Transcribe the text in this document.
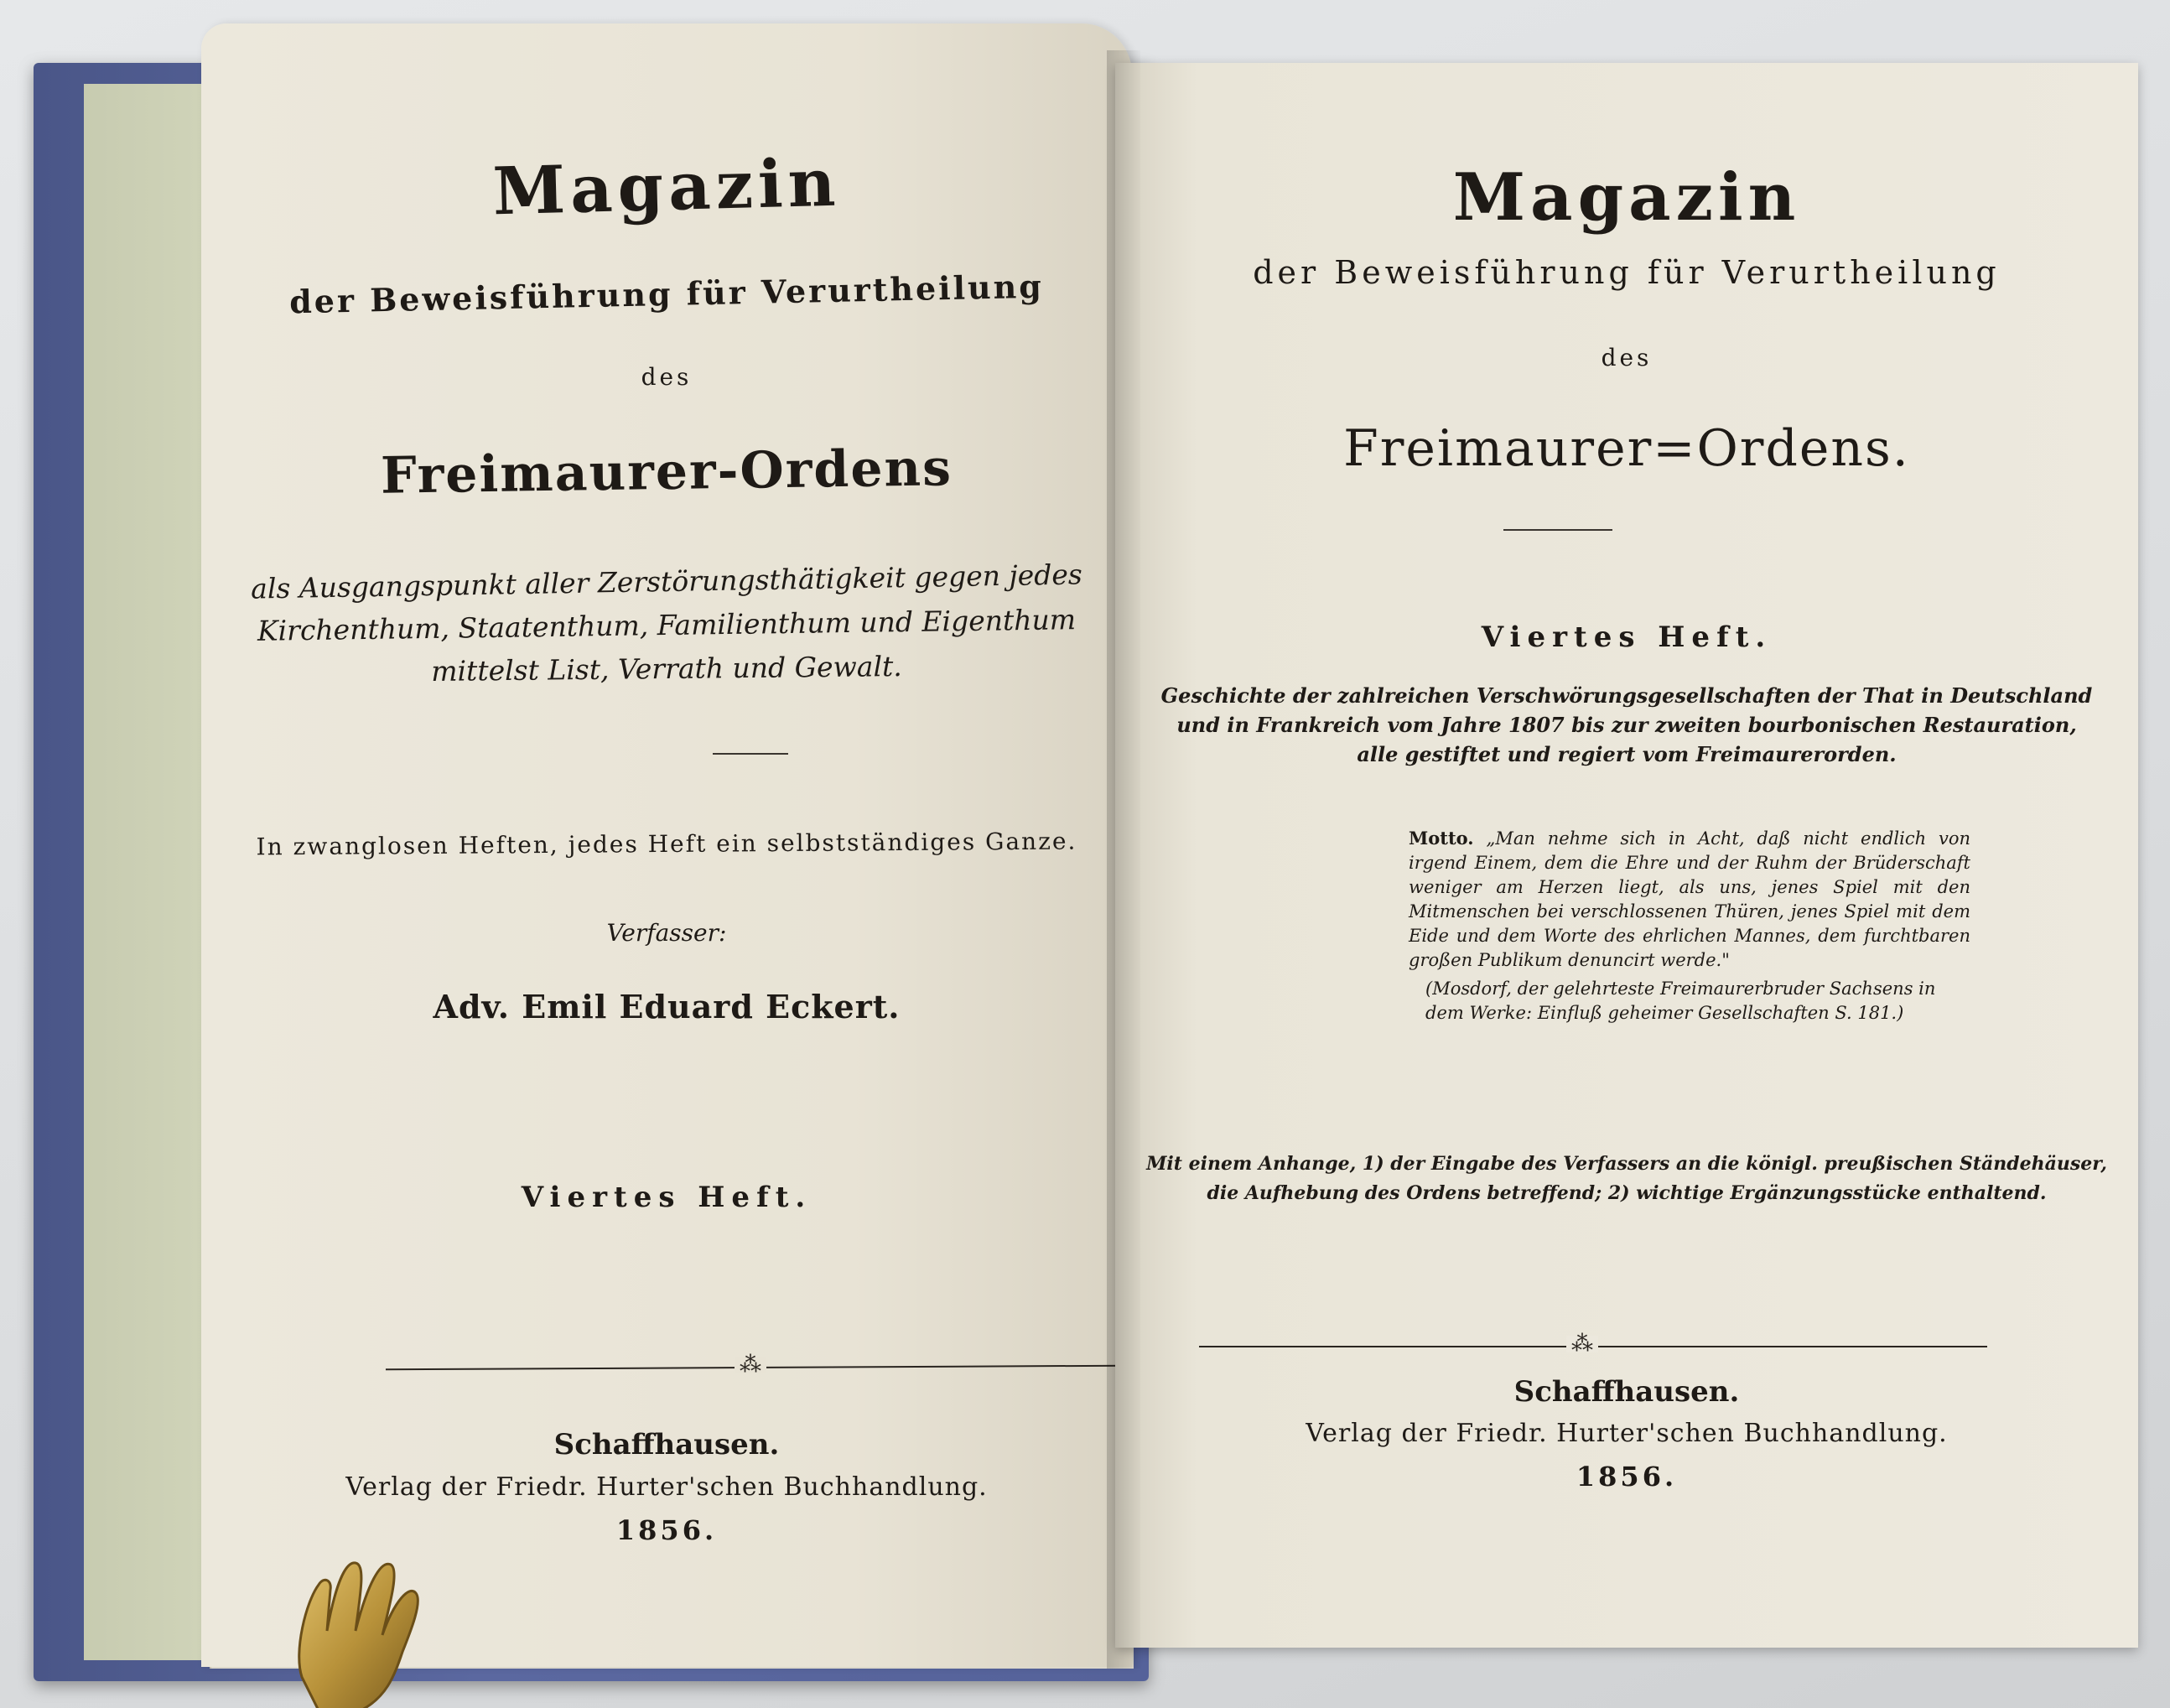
Magazin
der Beweisführung für Verurtheilung
des
Freimaurer-Ordens
als Ausgangspunkt aller Zerstörungsthätigkeit gegen jedes
Kirchenthum, Staatenthum, Familienthum und Eigenthum
mittelst List, Verrath und Gewalt.
In zwanglosen Heften, jedes Heft ein selbstständiges Ganze.
Verfasser:
Adv. Emil Eduard Eckert.
Viertes Heft.
⁂
Schaffhausen.
Verlag der Friedr. Hurter'schen Buchhandlung.
1856.
Magazin
der Beweisführung für Verurtheilung
des
Freimaurer=Ordens.
Viertes Heft.
Geschichte der zahlreichen Verschwörungsgesellschaften der That in Deutschland
und in Frankreich vom Jahre 1807 bis zur zweiten bourbonischen Restauration,
alle gestiftet und regiert vom Freimaurerorden.
Motto. „Man nehme sich in Acht, daß nicht endlich von irgend Einem, dem die Ehre und der Ruhm der Brüderschaft weniger am Herzen liegt, als uns, jenes Spiel mit den Mitmenschen bei verschlossenen Thüren, jenes Spiel mit dem Eide und dem Worte des ehrlichen Mannes, dem furchtbaren großen Publikum denuncirt werde."
(Mosdorf, der gelehrteste Freimaurerbruder Sachsens in dem Werke: Einfluß geheimer Gesellschaften S. 181.)
Mit einem Anhange, 1) der Eingabe des Verfassers an die königl. preußischen Ständehäuser,
die Aufhebung des Ordens betreffend; 2) wichtige Ergänzungsstücke enthaltend.
⁂
Schaffhausen.
Verlag der Friedr. Hurter'schen Buchhandlung.
1856.
